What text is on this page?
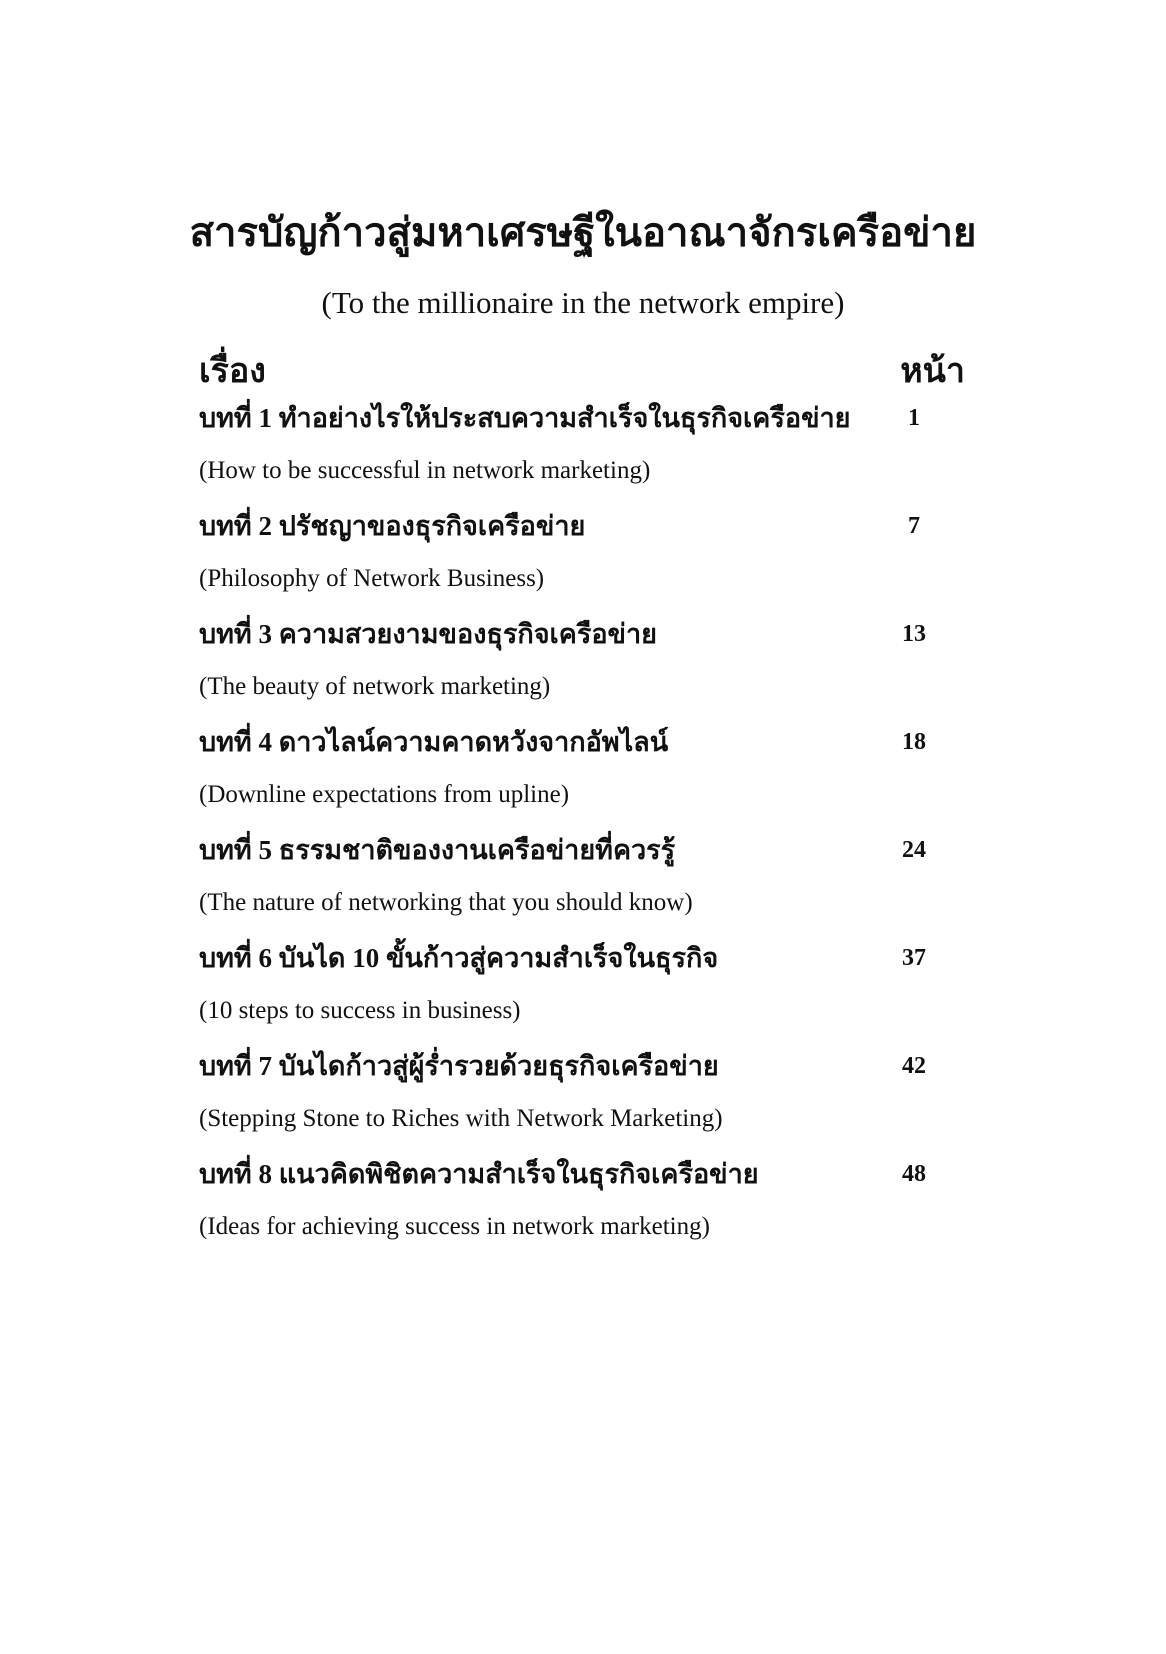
สารบัญก้าวสู่มหาเศรษฐีในอาณาจักรเครือข่าย
(To the millionaire in the network empire)
เรื่อง	หน้า
บทที่ 1 ทำอย่างไรให้ประสบความสำเร็จในธุรกิจเครือข่าย	1
(How to be successful in network marketing)
บทที่ 2 ปรัชญาของธุรกิจเครือข่าย	7
(Philosophy of Network Business)
บทที่ 3 ความสวยงามของธุรกิจเครือข่าย	13
(The beauty of network marketing)
บทที่ 4 ดาวไลน์ความคาดหวังจากอัพไลน์	18
(Downline expectations from upline)
บทที่ 5 ธรรมชาติของงานเครือข่ายที่ควรรู้	24
(The nature of networking that you should know)
บทที่ 6 บันได 10 ขั้นก้าวสู่ความสำเร็จในธุรกิจ	37
(10 steps to success in business)
บทที่ 7 บันไดก้าวสู่ผู้ร่ำรวยด้วยธุรกิจเครือข่าย	42
(Stepping Stone to Riches with Network Marketing)
บทที่ 8 แนวคิดพิชิตความสำเร็จในธุรกิจเครือข่าย	48
(Ideas for achieving success in network marketing)
